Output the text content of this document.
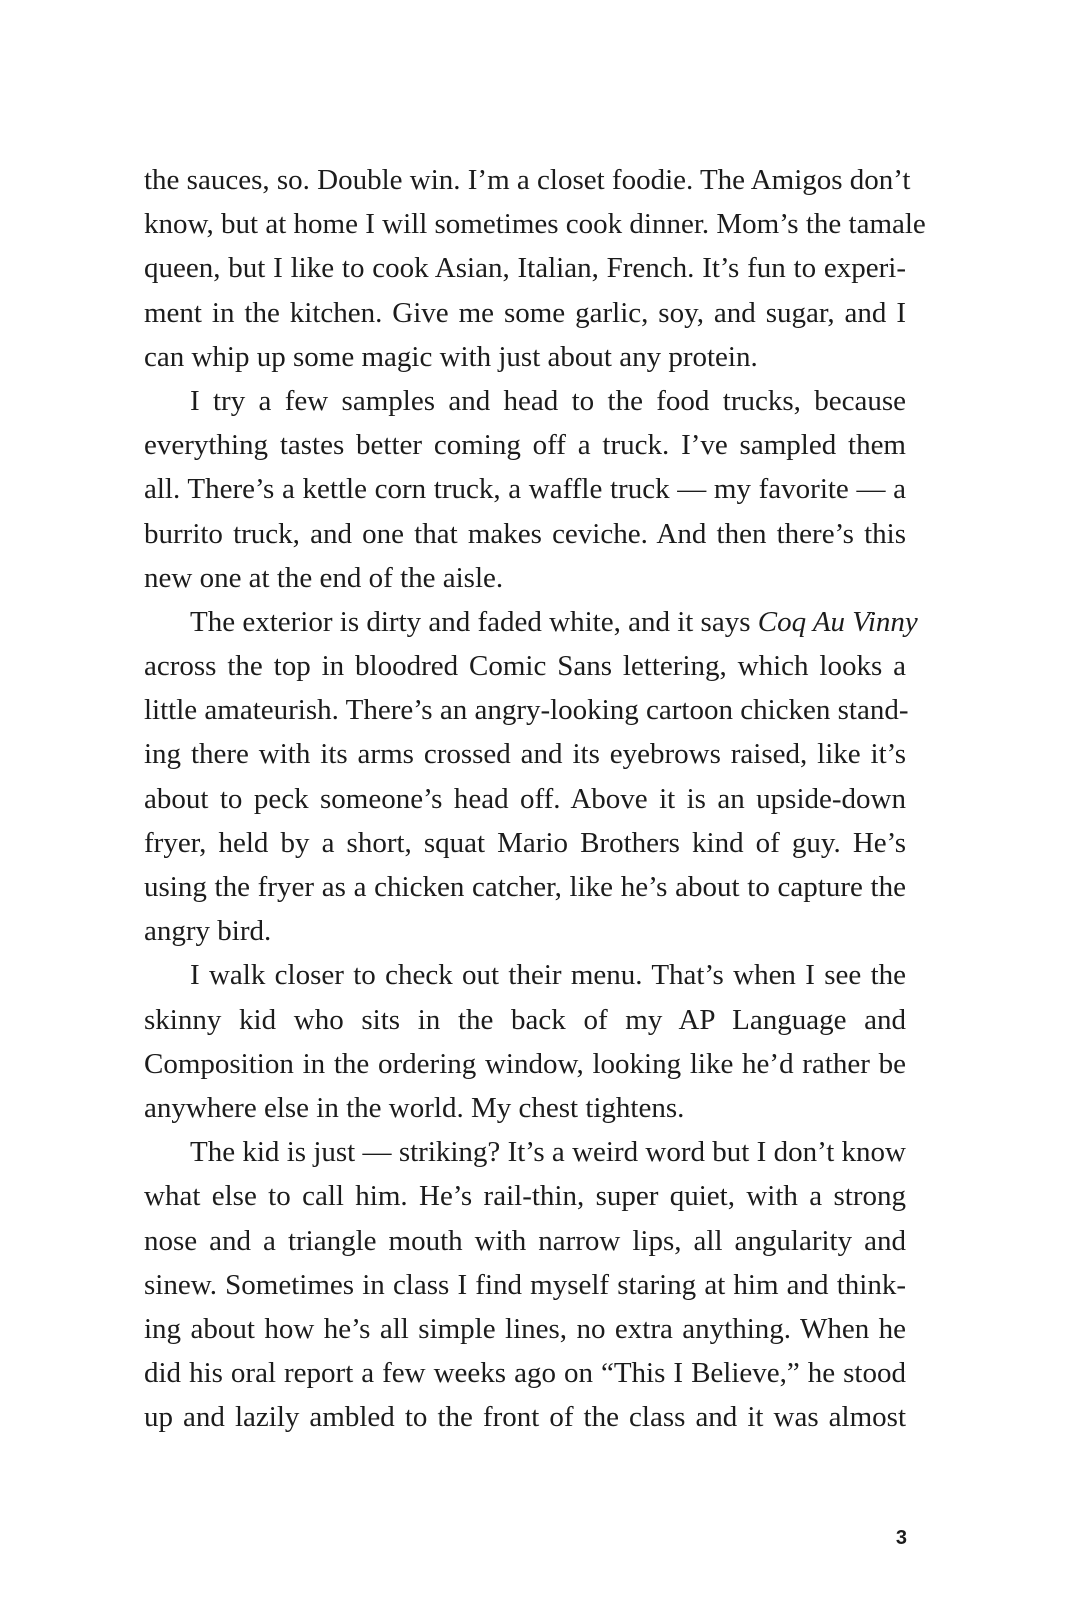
the sauces, so. Double win. I’m a closet foodie. The Amigos don’t
know, but at home I will sometimes cook dinner. Mom’s the tamale
queen, but I like to cook Asian, Italian, French. It’s fun to experi-
ment in the kitchen. Give me some garlic, soy, and sugar, and I
can whip up some magic with just about any protein.
I try a few samples and head to the food trucks, because
everything tastes better coming off a truck. I’ve sampled them
all. There’s a kettle corn truck, a waffle truck — my favorite — a
burrito truck, and one that makes ceviche. And then there’s this
new one at the end of the aisle.
The exterior is dirty and faded white, and it says Coq Au Vinny
across the top in bloodred Comic Sans lettering, which looks a
little amateurish. There’s an angry-looking cartoon chicken stand-
ing there with its arms crossed and its eyebrows raised, like it’s
about to peck someone’s head off. Above it is an upside-down
fryer, held by a short, squat Mario Brothers kind of guy. He’s
using the fryer as a chicken catcher, like he’s about to capture the
angry bird.
I walk closer to check out their menu. That’s when I see the
skinny kid who sits in the back of my AP Language and
Composition in the ordering window, looking like he’d rather be
anywhere else in the world. My chest tightens.
The kid is just — striking? It’s a weird word but I don’t know
what else to call him. He’s rail-thin, super quiet, with a strong
nose and a triangle mouth with narrow lips, all angularity and
sinew. Sometimes in class I find myself staring at him and think-
ing about how he’s all simple lines, no extra anything. When he
did his oral report a few weeks ago on “This I Believe,” he stood
up and lazily ambled to the front of the class and it was almost
3
